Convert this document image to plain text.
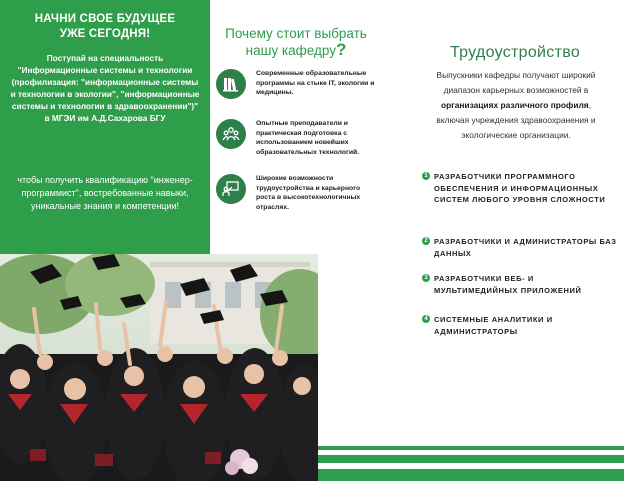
НАЧНИ СВОЕ БУДУЩЕЕ
УЖЕ СЕГОДНЯ!
Поступай на специальность "Информационные системы и технологии (профилизация: "информационные системы и технологии в экологии", "информационные системы и технологии в здравоохранении")" в МГЭИ им А.Д.Сахарова БГУ
чтобы получить квалификацию "инженер-программист", востребованные навыки, уникальные знания и компетенции!
Почему стоит выбрать нашу кафедру?
Современные образовательные программы на стыке IT, экологии и медицины.
Опытные преподаватели и практическая подготовка с использованием новейших образовательных технологий.
Широкие возможности трудоустройства и карьерного роста в высокотехнологичных отраслях.
Трудоустройство
Выпускники кафедры получают широкий диапазон карьерных возможностей в организациях различного профиля, включая учреждения здравоохранения и экологические организации.
1 РАЗРАБОТЧИКИ ПРОГРАММНОГО ОБЕСПЕЧЕНИЯ И ИНФОРМАЦИОННЫХ СИСТЕМ ЛЮБОГО УРОВНЯ СЛОЖНОСТИ
2 РАЗРАБОТЧИКИ И АДМИНИСТРАТОРЫ БАЗ ДАННЫХ
3 РАЗРАБОТЧИКИ ВЕБ- И МУЛЬТИМЕДИЙНЫХ ПРИЛОЖЕНИЙ
4 СИСТЕМНЫЕ АНАЛИТИКИ И АДМИНИСТРАТОРЫ
